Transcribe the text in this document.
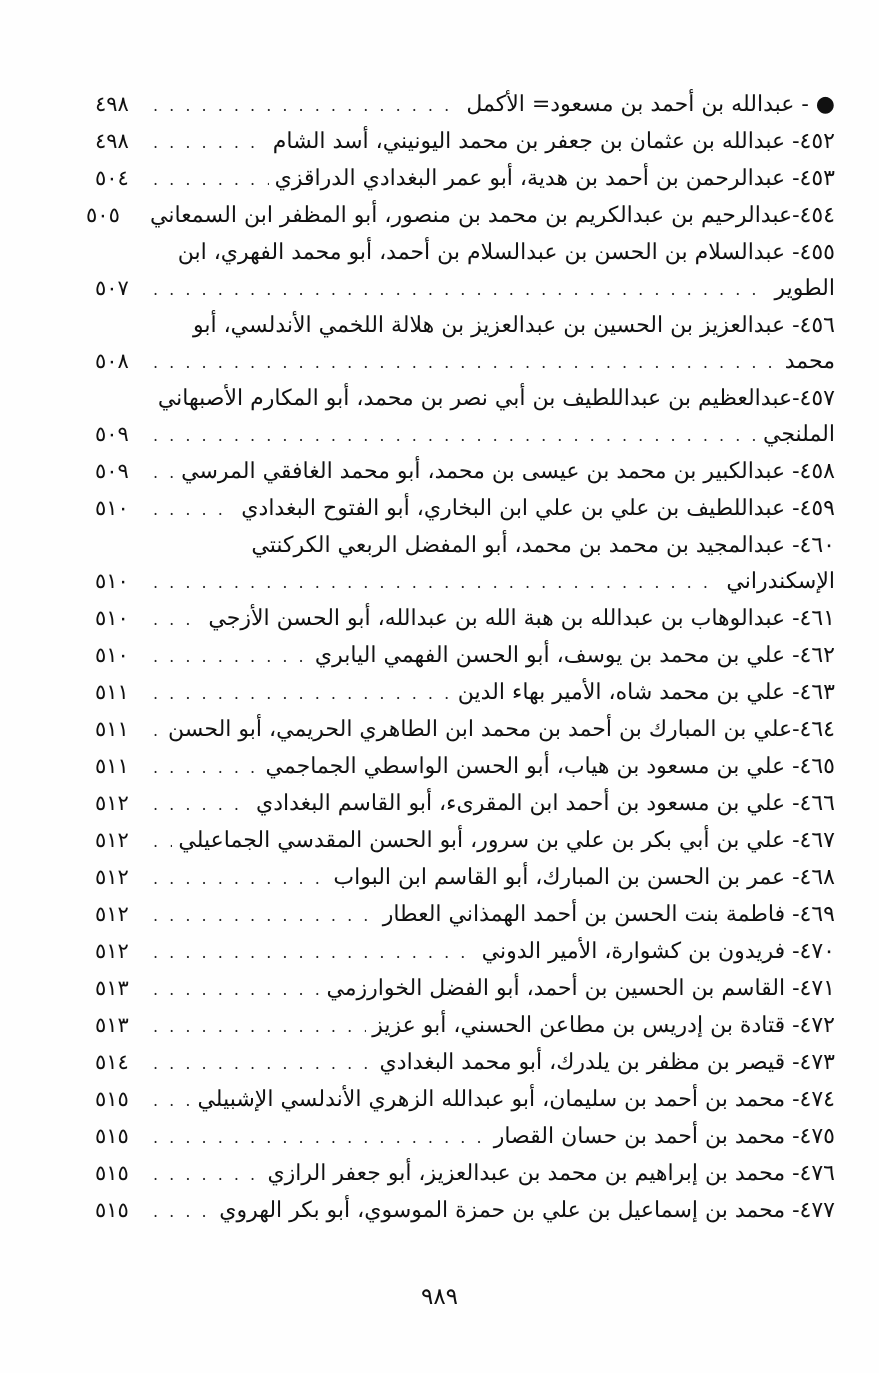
● - عبدالله بن أحمد بن مسعود= الأكمل
. . .
٤٩٨
٤٥٢- عبدالله بن عثمان بن جعفر بن محمد اليونيني، أسد الشام
. . .
٤٩٨
٤٥٣- عبدالرحمن بن أحمد بن هدية، أبو عمر البغدادي الدراقزي
. . .
٥٠٤
٤٥٤-عبدالرحيم بن عبدالكريم بن محمد بن منصور، أبو المظفر ابن السمعاني
٥٠٥
٤٥٥- عبدالسلام بن الحسن بن عبدالسلام بن أحمد، أبو محمد الفهري، ابن
الطوير
. . .
٥٠٧
٤٥٦- عبدالعزيز بن الحسين بن عبدالعزيز بن هلالة اللخمي الأندلسي، أبو
محمد
. . .
٥٠٨
٤٥٧-عبدالعظيم بن عبداللطيف بن أبي نصر بن محمد، أبو المكارم الأصبهاني
الملنجي
. . .
٥٠٩
٤٥٨- عبدالكبير بن محمد بن عيسى بن محمد، أبو محمد الغافقي المرسي
. . .
٥٠٩
٤٥٩- عبداللطيف بن علي بن علي ابن البخاري، أبو الفتوح البغدادي
. . .
٥١٠
٤٦٠- عبدالمجيد بن محمد بن محمد، أبو المفضل الربعي الكركنتي
الإسكندراني
. . .
٥١٠
٤٦١- عبدالوهاب بن عبدالله بن هبة الله بن عبدالله، أبو الحسن الأزجي
. . .
٥١٠
٤٦٢- علي بن محمد بن يوسف، أبو الحسن الفهمي اليابري
. . .
٥١٠
٤٦٣- علي بن محمد شاه، الأمير بهاء الدين
. . .
٥١١
٤٦٤-علي بن المبارك بن أحمد بن محمد ابن الطاهري الحريمي، أبو الحسن
. . .
٥١١
٤٦٥- علي بن مسعود بن هياب، أبو الحسن الواسطي الجماجمي
. . .
٥١١
٤٦٦- علي بن مسعود بن أحمد ابن المقرىء، أبو القاسم البغدادي
. . .
٥١٢
٤٦٧- علي بن أبي بكر بن علي بن سرور، أبو الحسن المقدسي الجماعيلي
. . .
٥١٢
٤٦٨- عمر بن الحسن بن المبارك، أبو القاسم ابن البواب
. . .
٥١٢
٤٦٩- فاطمة بنت الحسن بن أحمد الهمذاني العطار
. . .
٥١٢
٤٧٠- فريدون بن كشوارة، الأمير الدوني
. . .
٥١٢
٤٧١- القاسم بن الحسين بن أحمد، أبو الفضل الخوارزمي
. . .
٥١٣
٤٧٢- قتادة بن إدريس بن مطاعن الحسني، أبو عزيز
. . .
٥١٣
٤٧٣- قيصر بن مظفر بن يلدرك، أبو محمد البغدادي
. . .
٥١٤
٤٧٤- محمد بن أحمد بن سليمان، أبو عبدالله الزهري الأندلسي الإشبيلي
. . .
٥١٥
٤٧٥- محمد بن أحمد بن حسان القصار
. . .
٥١٥
٤٧٦- محمد بن إبراهيم بن محمد بن عبدالعزيز، أبو جعفر الرازي
. . .
٥١٥
٤٧٧- محمد بن إسماعيل بن علي بن حمزة الموسوي، أبو بكر الهروي
. . .
٥١٥
٩٨٩
